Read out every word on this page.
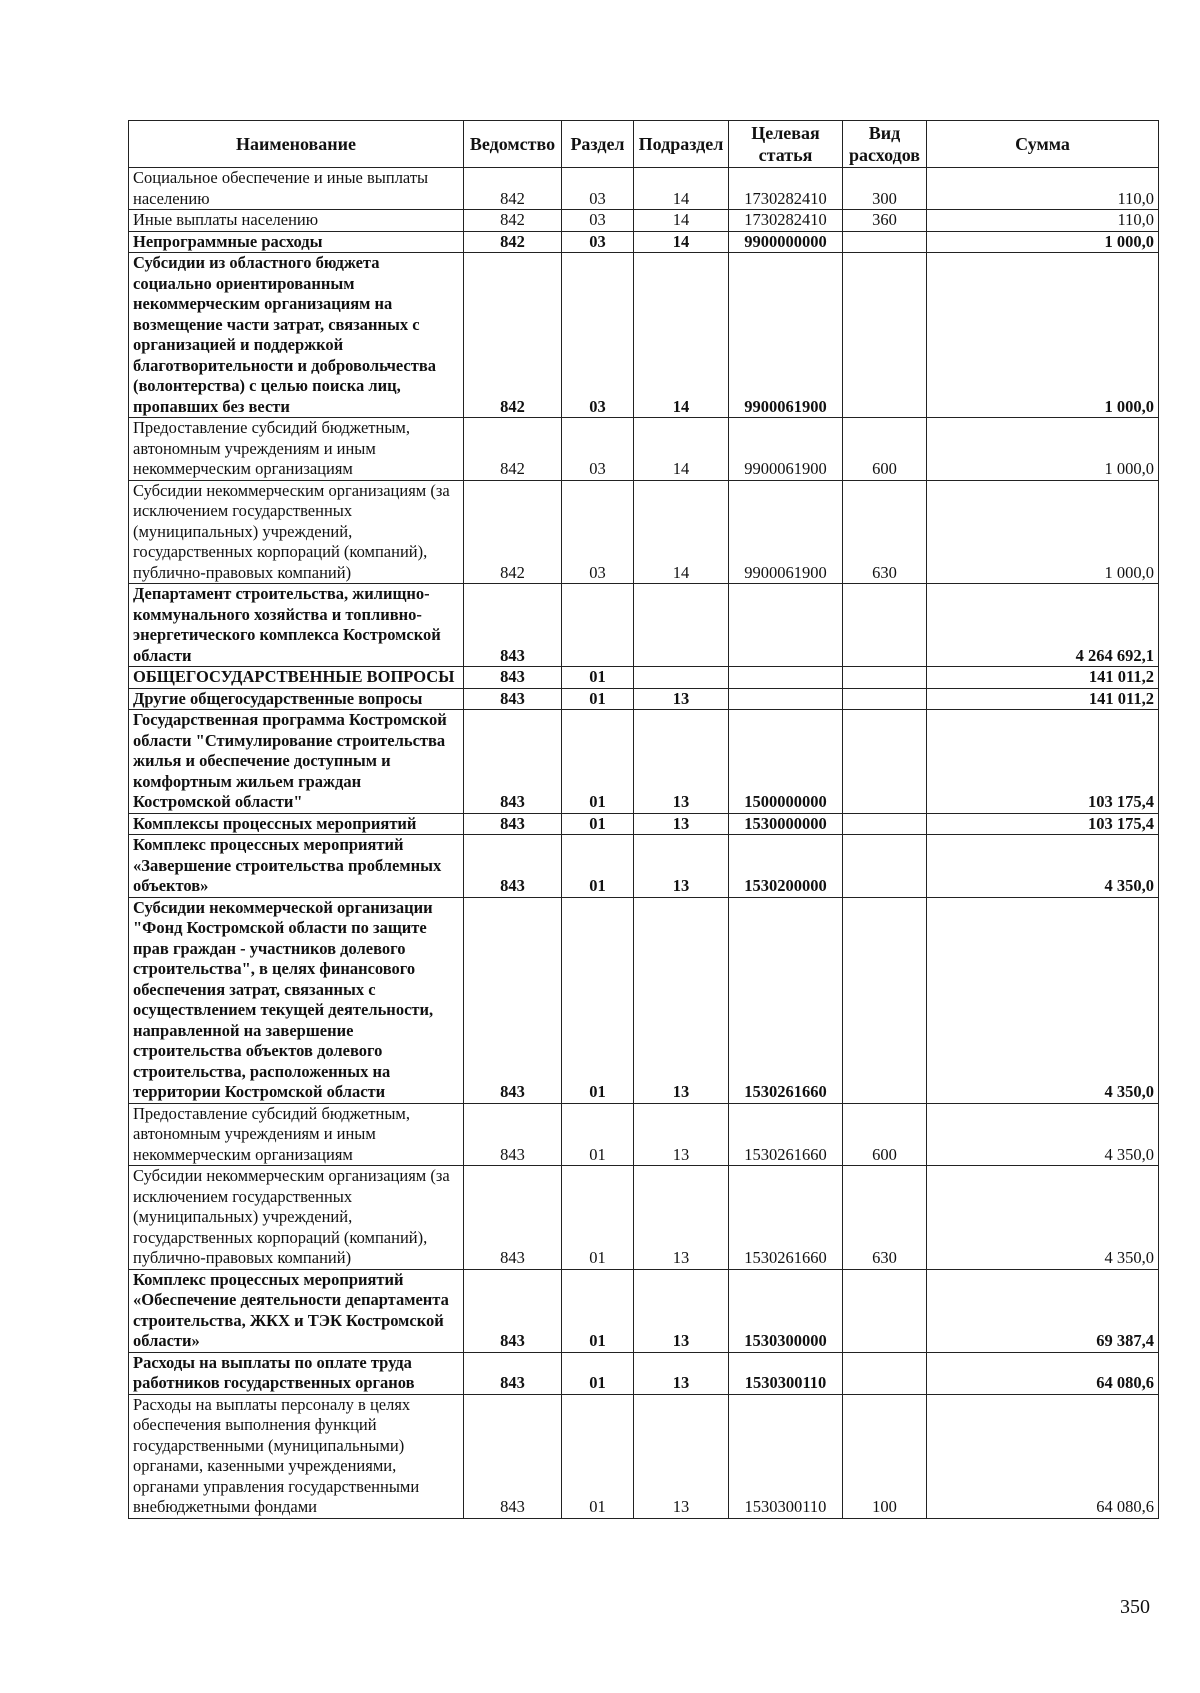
Наименование	Ведомство	Раздел	Подраздел	Целевая статья	Вид расходов	Сумма
Социальное обеспечение и иные выплаты населению	842	03	14	1730282410	300	110,0
Иные выплаты населению	842	03	14	1730282410	360	110,0
Непрограммные расходы	842	03	14	9900000000		1 000,0
Субсидии из областного бюджета социально ориентированным некоммерческим организациям на возмещение части затрат, связанных с организацией и поддержкой благотворительности и добровольчества (волонтерства) с целью поиска лиц, пропавших без вести	842	03	14	9900061900		1 000,0
Предоставление субсидий бюджетным, автономным учреждениям и иным некоммерческим организациям	842	03	14	9900061900	600	1 000,0
Субсидии некоммерческим организациям (за исключением государственных (муниципальных) учреждений, государственных корпораций (компаний), публично-правовых компаний)	842	03	14	9900061900	630	1 000,0
Департамент строительства, жилищно-коммунального хозяйства и топливно-энергетического комплекса Костромской области	843					4 264 692,1
ОБЩЕГОСУДАРСТВЕННЫЕ ВОПРОСЫ	843	01				141 011,2
Другие общегосударственные вопросы	843	01	13			141 011,2
Государственная программа Костромской области "Стимулирование строительства жилья и обеспечение доступным и комфортным жильем граждан Костромской области"	843	01	13	1500000000		103 175,4
Комплексы процессных мероприятий	843	01	13	1530000000		103 175,4
Комплекс процессных мероприятий «Завершение строительства проблемных объектов»	843	01	13	1530200000		4 350,0
Субсидии некоммерческой организации "Фонд Костромской области по защите прав граждан - участников долевого строительства", в целях финансового обеспечения затрат, связанных с осуществлением текущей деятельности, направленной на завершение строительства объектов долевого строительства, расположенных на территории Костромской области	843	01	13	1530261660		4 350,0
Предоставление субсидий бюджетным, автономным учреждениям и иным некоммерческим организациям	843	01	13	1530261660	600	4 350,0
Субсидии некоммерческим организациям (за исключением государственных (муниципальных) учреждений, государственных корпораций (компаний), публично-правовых компаний)	843	01	13	1530261660	630	4 350,0
Комплекс процессных мероприятий «Обеспечение деятельности департамента строительства, ЖКХ и ТЭК Костромской области»	843	01	13	1530300000		69 387,4
Расходы на выплаты по оплате труда работников государственных органов	843	01	13	1530300110		64 080,6
Расходы на выплаты персоналу в целях обеспечения выполнения функций государственными (муниципальными) органами, казенными учреждениями, органами управления государственными внебюджетными фондами	843	01	13	1530300110	100	64 080,6
350
